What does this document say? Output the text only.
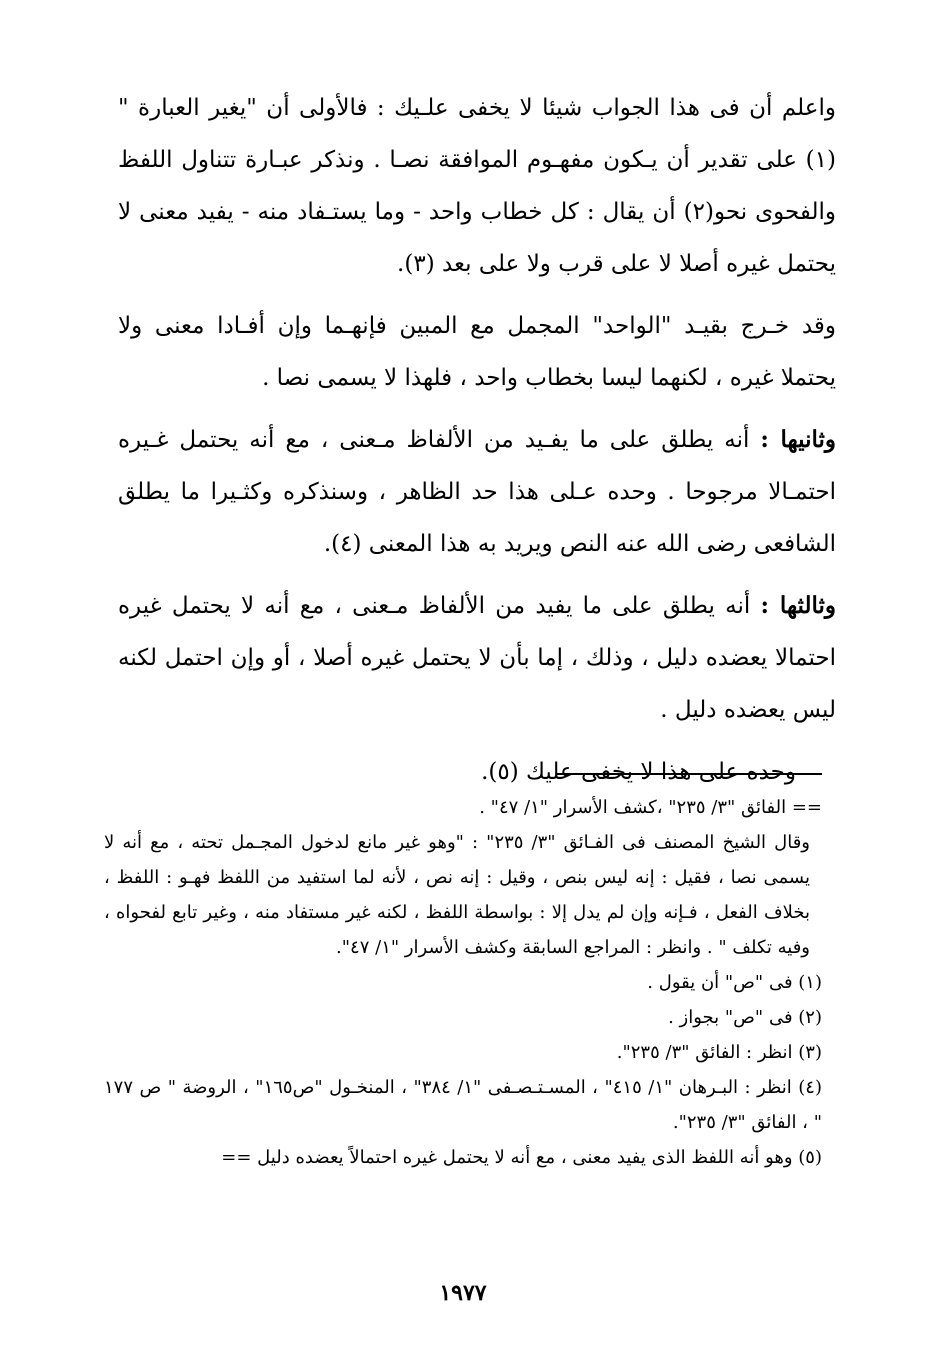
واعلم أن فى هذا الجواب شيئا لا يخفى علـيك : فالأولى أن "يغير العبارة "(١) على تقدير أن يـكون مفهـوم الموافقة نصـا . ونذكر عبـارة تتناول اللفظ والفحوى نحو(٢) أن يقال : كل خطاب واحد - وما يستـفاد منه - يفيد معنى لا يحتمل غيره أصلا لا على قرب ولا على بعد (٣).

وقد خـرج بقيـد "الواحد" المجمل مع المبين فإنهـما وإن أفـادا معنى ولا يحتملا غيره ، لكنهما ليسا بخطاب واحد ، فلهذا لا يسمى نصا .

وثانيها : أنه يطلق على ما يفـيد من الألفاظ مـعنى ، مع أنه يحتمل غـيره احتمـالا مرجوحا . وحده عـلى هذا حد الظاهر ، وسنذكره وكثـيرا ما يطلق الشافعى رضى الله عنه النص ويريد به هذا المعنى (٤).

وثالثها : أنه يطلق على ما يفيد من الألفاظ مـعنى ، مع أنه لا يحتمل غيره احتمالا يعضده دليل ، وذلك ، إما بأن لا يحتمل غيره أصلا ، أو وإن احتمل لكنه ليس يعضده دليل .

وحده على هذا لا يخفى عليك (٥).

== الفائق "٣/ ٢٣٥" ،كشف الأسرار "١/ ٤٧" .

وقال الشيخ المصنف فى الفـائق "٣/ ٢٣٥" : "وهو غير مانع لدخول المجـمل تحته ، مع أنه لا يسمى نصا ، فقيل : إنه ليس بنص ، وقيل : إنه نص ، لأنه لما استفيد من اللفظ فهـو : اللفظ ، بخلاف الفعل ، فـإنه وإن لم يدل إلا : بواسطة اللفظ ، لكنه غير مستفاد منه ، وغير تابع لفحواه ، وفيه تكلف " . وانظر : المراجع السابقة وكشف الأسرار "١/ ٤٧".

(١) فى "ص" أن يقول .

(٢) فى "ص" بجواز .

(٣) انظر : الفائق "٣/ ٢٣٥".

(٤) انظر : البـرهان "١/ ٤١٥" ، المسـتـصـفى "١/ ٣٨٤" ، المنخـول "ص١٦٥" ، الروضة " ص ١٧٧ " ، الفائق "٣/ ٢٣٥".

(٥) وهو أنه اللفظ الذى يفيد معنى ، مع أنه لا يحتمل غيره احتمالاً يعضده دليل ==

١٩٧٧
